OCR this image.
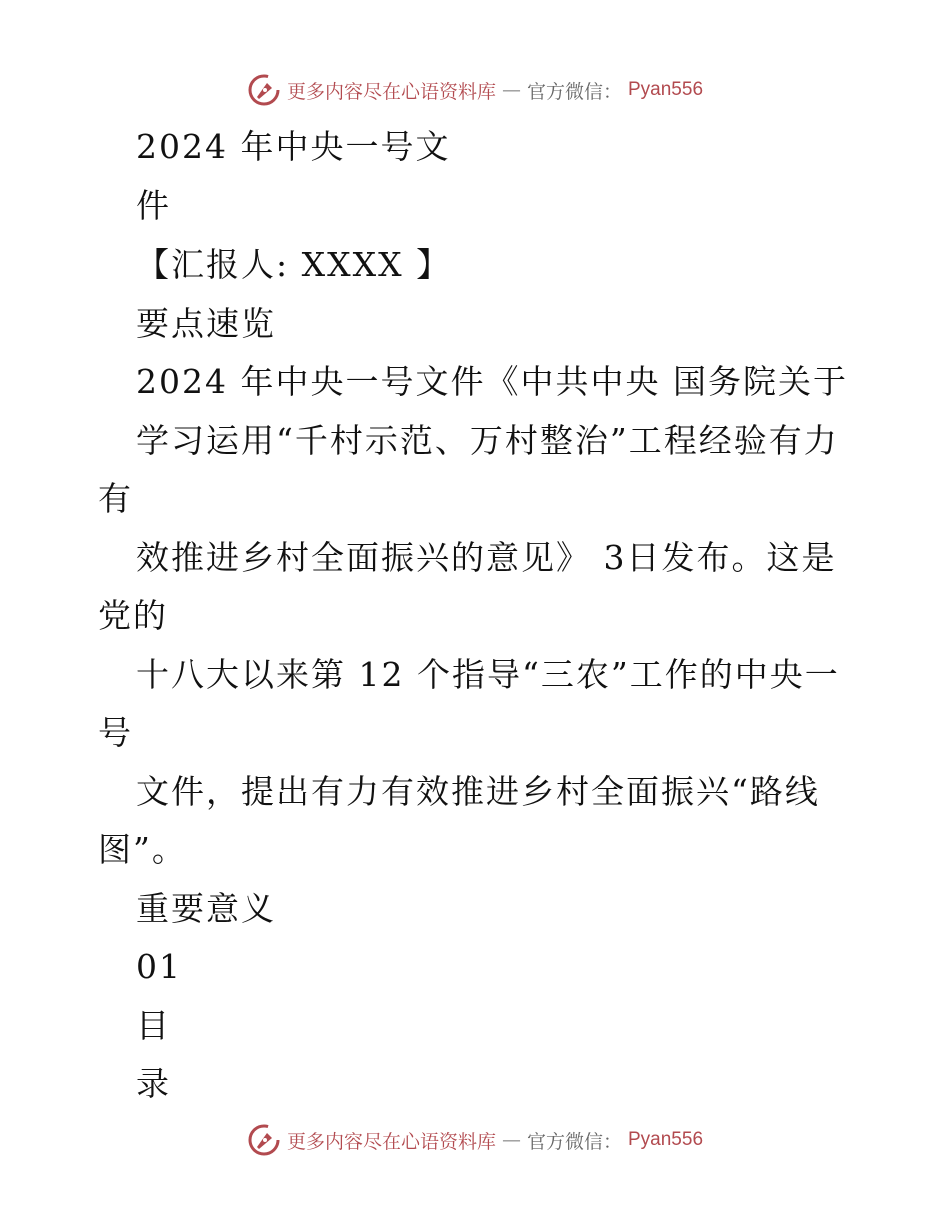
更多内容尽在心语资料库 — 官方微信： Pyan556
2024 年中央一号文
件
【汇报人: XXXX 】
要点速览
2024 年中央一号文件《中共中央 国务院关于
学习运用“千村示范、万村整治”工程经验有力
有
效推进乡村全面振兴的意见》 3日发布。这是
党的
十八大以来第 12 个指导“三农”工作的中央一
号
文件，提出有力有效推进乡村全面振兴“路线
图”。
重要意义
01
目
录
更多内容尽在心语资料库 — 官方微信： Pyan556
